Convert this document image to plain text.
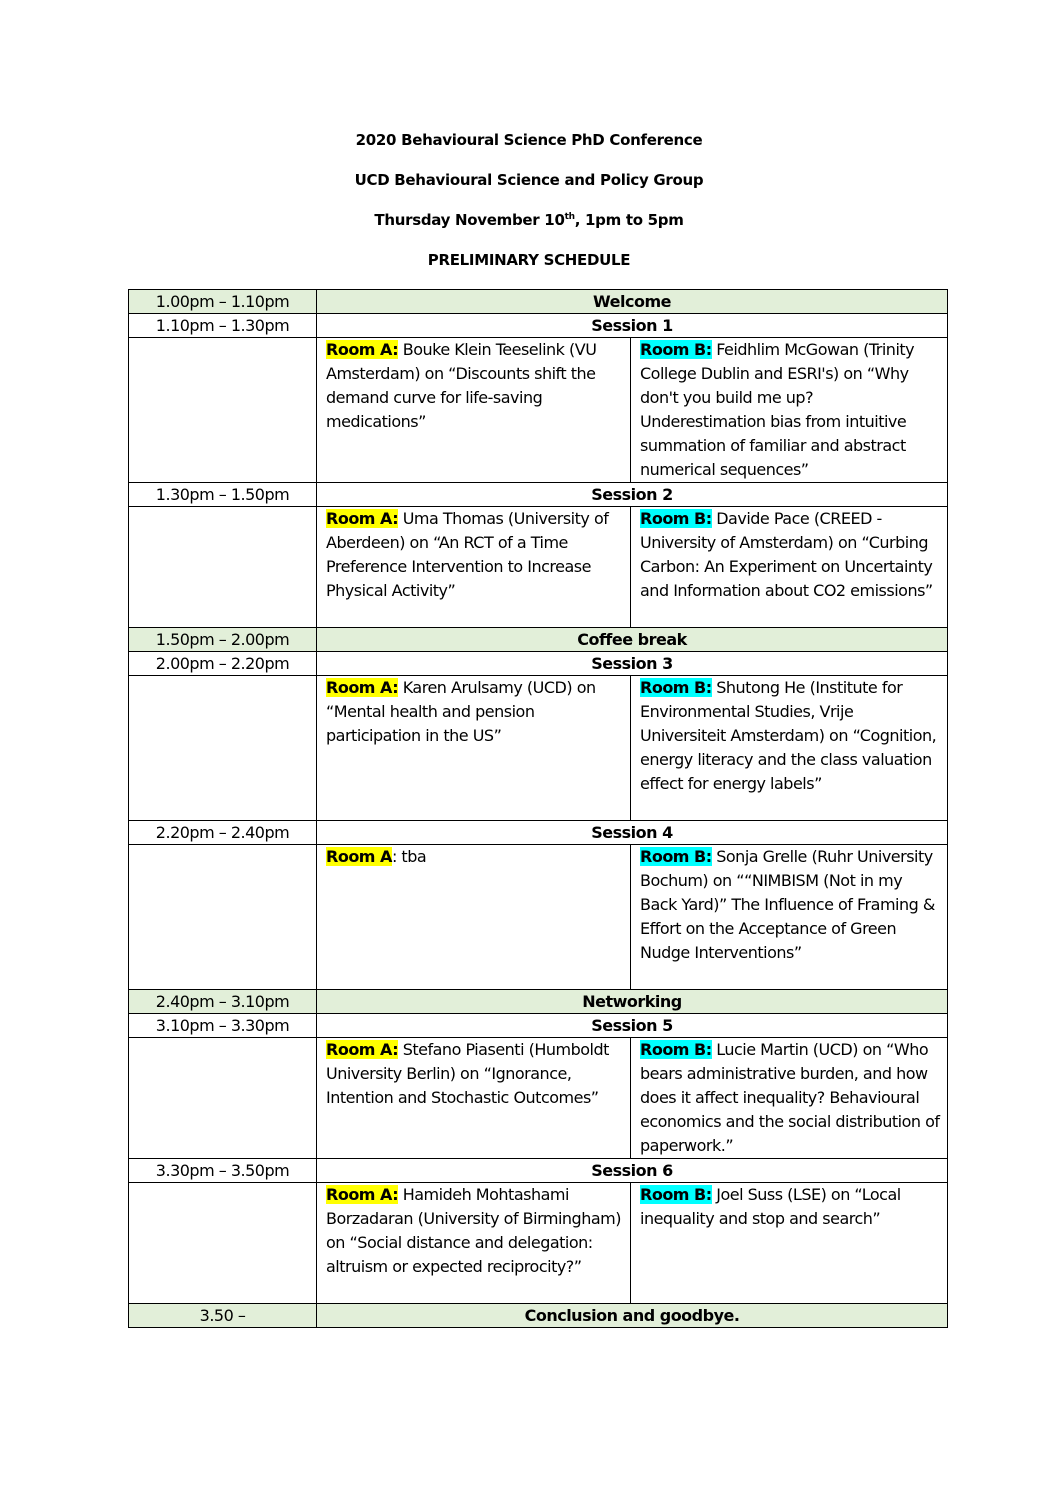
2020 Behavioural Science PhD Conference
UCD Behavioural Science and Policy Group
Thursday November 10th, 1pm to 5pm
PRELIMINARY SCHEDULE
1.00pm – 1.10pm	Welcome	
1.10pm – 1.30pm	Session 1	
	Room A: Bouke Klein Teeselink (VU Amsterdam) on “Discounts shift the demand curve for life-saving medications”	Room B: Feidhlim McGowan (Trinity College Dublin and ESRI's) on “Why don't you build me up? Underestimation bias from intuitive summation of familiar and abstract numerical sequences”
1.30pm – 1.50pm	Session 2	
	Room A: Uma Thomas (University of Aberdeen) on “An RCT of a Time Preference Intervention to Increase Physical Activity”	Room B: Davide Pace (CREED - University of Amsterdam) on “Curbing Carbon: An Experiment on Uncertainty and Information about CO2 emissions”
1.50pm – 2.00pm	Coffee break	
2.00pm – 2.20pm	Session 3	
	Room A: Karen Arulsamy (UCD) on “Mental health and pension participation in the US”	Room B: Shutong He (Institute for Environmental Studies, Vrije Universiteit Amsterdam) on “Cognition, energy literacy and the class valuation effect for energy labels”
2.20pm – 2.40pm	Session 4	
	Room A: tba	Room B: Sonja Grelle (Ruhr University Bochum) on ““NIMBISM (Not in my Back Yard)” The Influence of Framing & Effort on the Acceptance of Green Nudge Interventions”
2.40pm – 3.10pm	Networking	
3.10pm – 3.30pm	Session 5	
	Room A: Stefano Piasenti (Humboldt University Berlin) on “Ignorance, Intention and Stochastic Outcomes”	Room B: Lucie Martin (UCD) on “Who bears administrative burden, and how does it affect inequality? Behavioural economics and the social distribution of paperwork.”
3.30pm – 3.50pm	Session 6	
	Room A: Hamideh Mohtashami Borzadaran (University of Birmingham) on “Social distance and delegation: altruism or expected reciprocity?”	Room B: Joel Suss (LSE) on “Local inequality and stop and search”
3.50 –	Conclusion and goodbye.	
